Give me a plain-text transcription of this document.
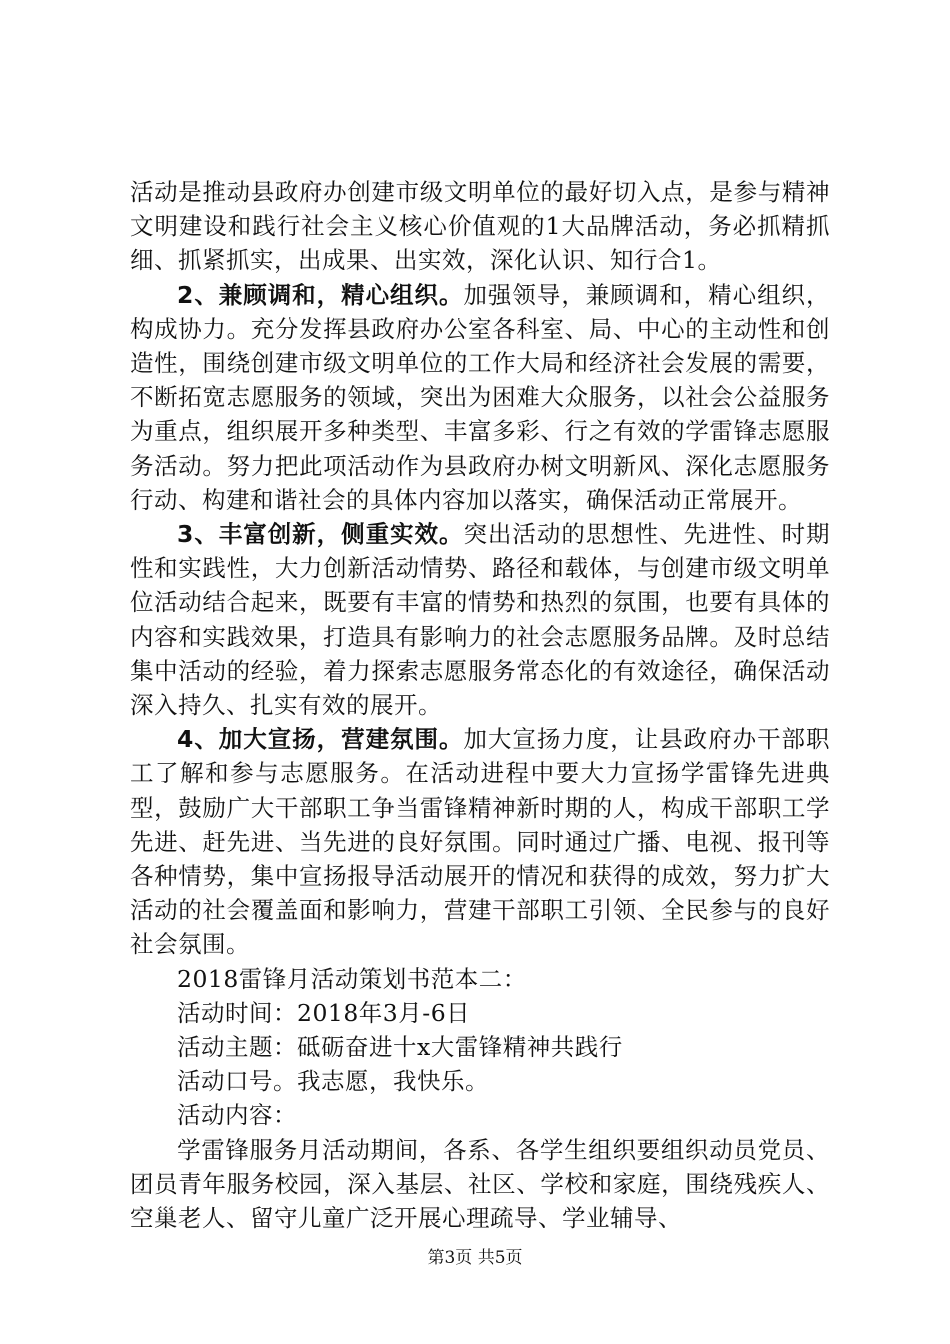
活动是推动县政府办创建市级文明单位的最好切入点，是参与精神文明建设和践行社会主义核心价值观的1大品牌活动，务必抓精抓细、抓紧抓实，出成果、出实效，深化认识、知行合1。

2、兼顾调和，精心组织。加强领导，兼顾调和，精心组织，构成协力。充分发挥县政府办公室各科室、局、中心的主动性和创造性，围绕创建市级文明单位的工作大局和经济社会发展的需要，不断拓宽志愿服务的领域，突出为困难大众服务，以社会公益服务为重点，组织展开多种类型、丰富多彩、行之有效的学雷锋志愿服务活动。努力把此项活动作为县政府办树文明新风、深化志愿服务行动、构建和谐社会的具体内容加以落实，确保活动正常展开。

3、丰富创新，侧重实效。突出活动的思想性、先进性、时期性和实践性，大力创新活动情势、路径和载体，与创建市级文明单位活动结合起来，既要有丰富的情势和热烈的氛围，也要有具体的内容和实践效果，打造具有影响力的社会志愿服务品牌。及时总结集中活动的经验，着力探索志愿服务常态化的有效途径，确保活动深入持久、扎实有效的展开。

4、加大宣扬，营建氛围。加大宣扬力度，让县政府办干部职工了解和参与志愿服务。在活动进程中要大力宣扬学雷锋先进典型，鼓励广大干部职工争当雷锋精神新时期的人，构成干部职工学先进、赶先进、当先进的良好氛围。同时通过广播、电视、报刊等各种情势，集中宣扬报导活动展开的情况和获得的成效，努力扩大活动的社会覆盖面和影响力，营建干部职工引领、全民参与的良好社会氛围。

2018雷锋月活动策划书范本二：

活动时间：2018年3月-6日

活动主题：砥砺奋进十x大雷锋精神共践行

活动口号。我志愿，我快乐。

活动内容：

学雷锋服务月活动期间，各系、各学生组织要组织动员党员、团员青年服务校园，深入基层、社区、学校和家庭，围绕残疾人、空巢老人、留守儿童广泛开展心理疏导、学业辅导、

第3页 共5页
